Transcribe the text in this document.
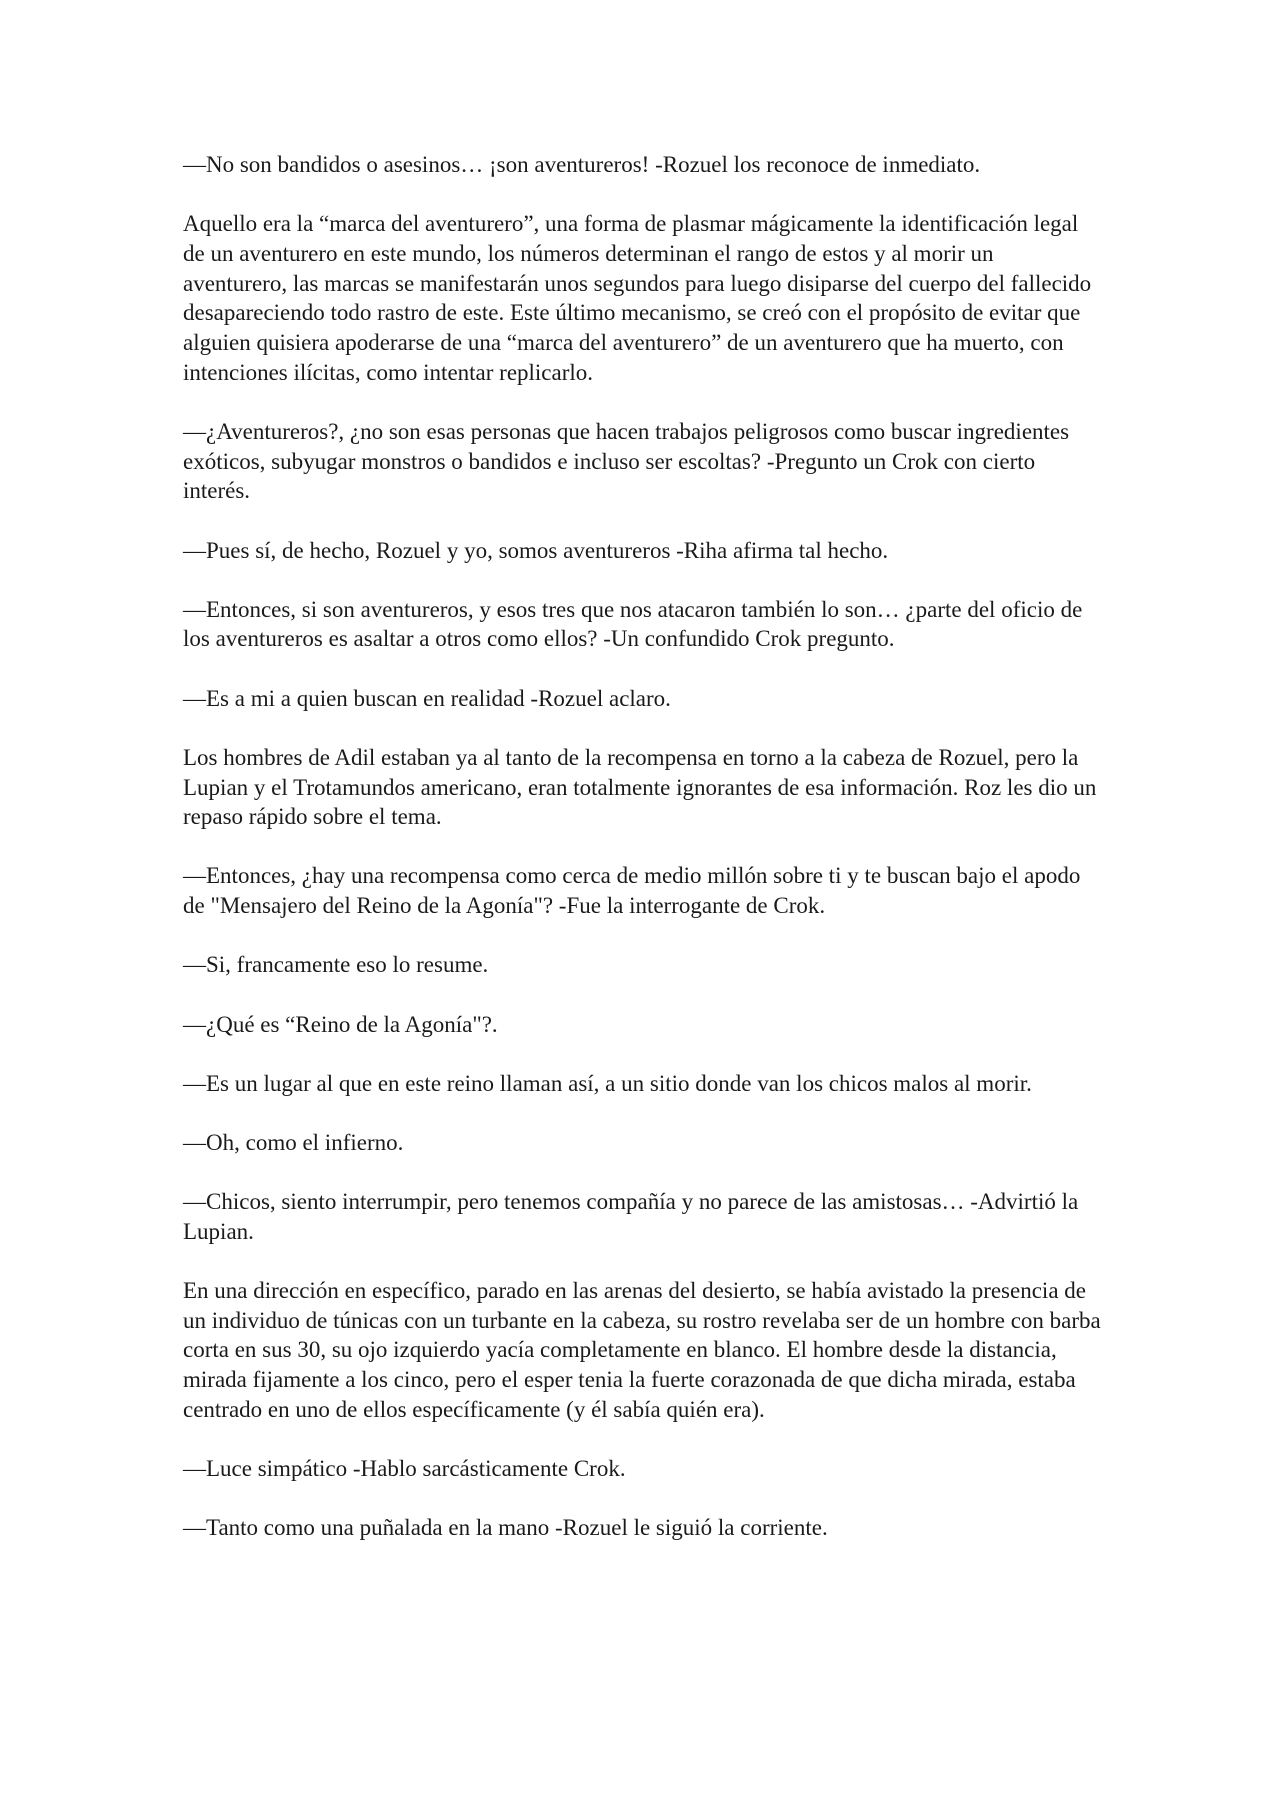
—No son bandidos o asesinos… ¡son aventureros! -Rozuel los reconoce de inmediato.

Aquello era la “marca del aventurero”, una forma de plasmar mágicamente la identificación legal de un aventurero en este mundo, los números determinan el rango de estos y al morir un aventurero, las marcas se manifestarán unos segundos para luego disiparse del cuerpo del fallecido desapareciendo todo rastro de este. Este último mecanismo, se creó con el propósito de evitar que alguien quisiera apoderarse de una “marca del aventurero” de un aventurero que ha muerto, con intenciones ilícitas, como intentar replicarlo.

—¿Aventureros?, ¿no son esas personas que hacen trabajos peligrosos como buscar ingredientes exóticos, subyugar monstros o bandidos e incluso ser escoltas? -Pregunto un Crok con cierto interés.

—Pues sí, de hecho, Rozuel y yo, somos aventureros -Riha afirma tal hecho.

—Entonces, si son aventureros, y esos tres que nos atacaron también lo son… ¿parte del oficio de los aventureros es asaltar a otros como ellos? -Un confundido Crok pregunto.

—Es a mi a quien buscan en realidad -Rozuel aclaro.

Los hombres de Adil estaban ya al tanto de la recompensa en torno a la cabeza de Rozuel, pero la Lupian y el Trotamundos americano, eran totalmente ignorantes de esa información. Roz les dio un repaso rápido sobre el tema.

—Entonces, ¿hay una recompensa como cerca de medio millón sobre ti y te buscan bajo el apodo de "Mensajero del Reino de la Agonía"? -Fue la interrogante de Crok.

—Si, francamente eso lo resume.

—¿Qué es “Reino de la Agonía"?.

—Es un lugar al que en este reino llaman así, a un sitio donde van los chicos malos al morir.

—Oh, como el infierno.

—Chicos, siento interrumpir, pero tenemos compañía y no parece de las amistosas… -Advirtió la Lupian.

En una dirección en específico, parado en las arenas del desierto, se había avistado la presencia de un individuo de túnicas con un turbante en la cabeza, su rostro revelaba ser de un hombre con barba corta en sus 30, su ojo izquierdo yacía completamente en blanco. El hombre desde la distancia, mirada fijamente a los cinco, pero el esper tenia la fuerte corazonada de que dicha mirada, estaba centrado en uno de ellos específicamente (y él sabía quién era).

—Luce simpático -Hablo sarcásticamente Crok.

—Tanto como una puñalada en la mano -Rozuel le siguió la corriente.
